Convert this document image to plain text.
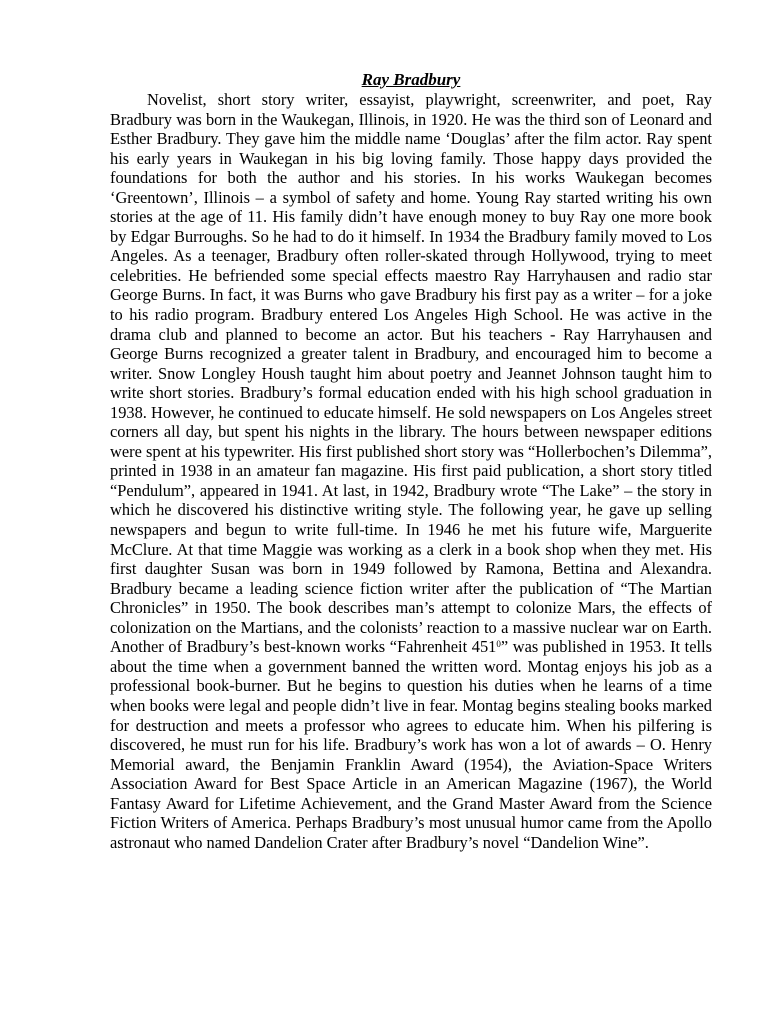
Ray Bradbury

Novelist, short story writer, essayist, playwright, screenwriter, and poet, Ray Bradbury was born in the Waukegan, Illinois, in 1920. He was the third son of Leonard and Esther Bradbury. They gave him the middle name ‘Douglas’ after the film actor. Ray spent his early years in Waukegan in his big loving family. Those happy days provided the foundations for both the author and his stories. In his works Waukegan becomes ‘Greentown’, Illinois – a symbol of safety and home. Young Ray started writing his own stories at the age of 11. His family didn’t have enough money to buy Ray one more book by Edgar Burroughs. So he had to do it himself. In 1934 the Bradbury family moved to Los Angeles. As a teenager, Bradbury often roller-skated through Hollywood, trying to meet celebrities. He befriended some special effects maestro Ray Harryhausen and radio star George Burns. In fact, it was Burns who gave Bradbury his first pay as a writer – for a joke to his radio program. Bradbury entered Los Angeles High School. He was active in the drama club and planned to become an actor. But his teachers - Ray Harryhausen and George Burns recognized a greater talent in Bradbury, and encouraged him to become a writer. Snow Longley Housh taught him about poetry and Jeannet Johnson taught him to write short stories. Bradbury’s formal education ended with his high school graduation in 1938. However, he continued to educate himself. He sold newspapers on Los Angeles street corners all day, but spent his nights in the library. The hours between newspaper editions were spent at his typewriter. His first published short story was “Hollerbochen’s Dilemma”, printed in 1938 in an amateur fan magazine. His first paid publication, a short story titled “Pendulum”, appeared in 1941. At last, in 1942, Bradbury wrote “The Lake” – the story in which he discovered his distinctive writing style. The following year, he gave up selling newspapers and begun to write full-time. In 1946 he met his future wife, Marguerite McClure. At that time Maggie was working as a clerk in a book shop when they met. His first daughter Susan was born in 1949 followed by Ramona, Bettina and Alexandra. Bradbury became a leading science fiction writer after the publication of “The Martian Chronicles” in 1950. The book describes man’s attempt to colonize Mars, the effects of colonization on the Martians, and the colonists’ reaction to a massive nuclear war on Earth. Another of Bradbury’s best-known works “Fahrenheit $451^0$” was published in 1953. It tells about the time when a government banned the written word. Montag enjoys his job as a professional book-burner. But he begins to question his duties when he learns of a time when books were legal and people didn’t live in fear. Montag begins stealing books marked for destruction and meets a professor who agrees to educate him. When his pilfering is discovered, he must run for his life. Bradbury’s work has won a lot of awards – O. Henry Memorial award, the Benjamin Franklin Award (1954), the Aviation-Space Writers Association Award for Best Space Article in an American Magazine (1967), the World Fantasy Award for Lifetime Achievement, and the Grand Master Award from the Science Fiction Writers of America. Perhaps Bradbury’s most unusual humor came from the Apollo astronaut who named Dandelion Crater after Bradbury’s novel “Dandelion Wine”.
